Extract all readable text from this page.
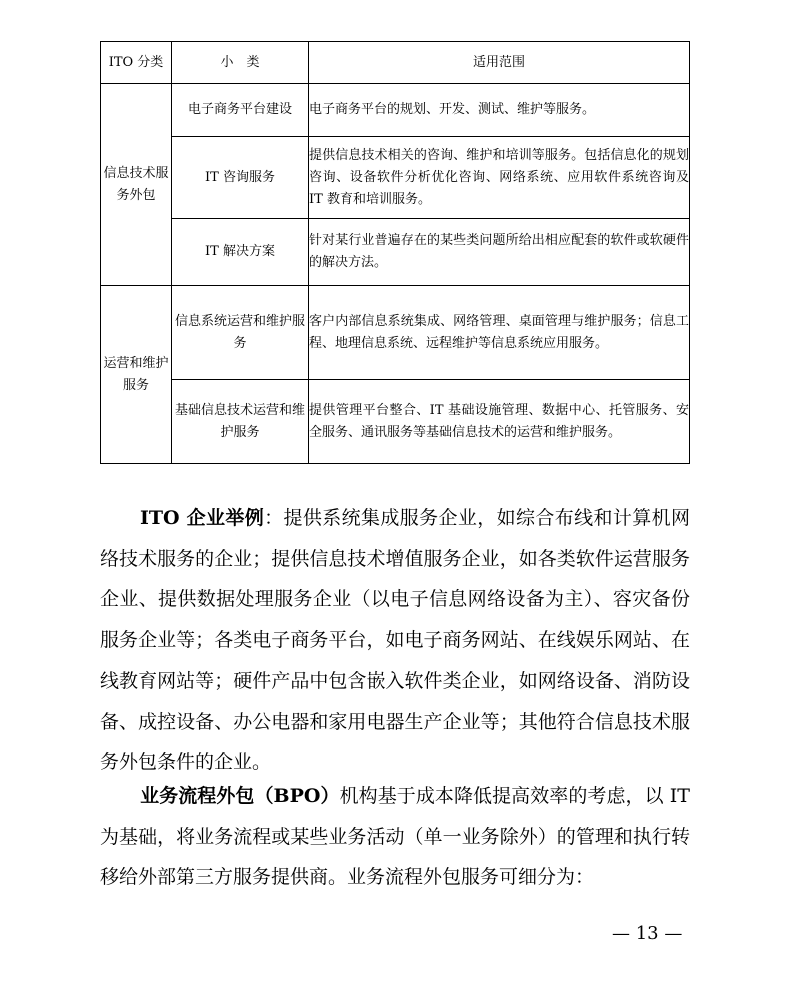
ITO 分类	小　类	适用范围
信息技术服务外包	电子商务平台建设	电子商务平台的规划、开发、测试、维护等服务。
	IT 咨询服务	提供信息技术相关的咨询、维护和培训等服务。包括信息化的规划咨询、设备软件分析优化咨询、网络系统、应用软件系统咨询及 IT 教育和培训服务。
	IT 解决方案	针对某行业普遍存在的某些类问题所给出相应配套的软件或软硬件的解决方法。
运营和维护服务	信息系统运营和维护服务	客户内部信息系统集成、网络管理、桌面管理与维护服务；信息工程、地理信息系统、远程维护等信息系统应用服务。
	基础信息技术运营和维护服务	提供管理平台整合、IT 基础设施管理、数据中心、托管服务、安全服务、通讯服务等基础信息技术的运营和维护服务。

ITO 企业举例：提供系统集成服务企业，如综合布线和计算机网络技术服务的企业；提供信息技术增值服务企业，如各类软件运营服务企业、提供数据处理服务企业（以电子信息网络设备为主）、容灾备份服务企业等；各类电子商务平台，如电子商务网站、在线娱乐网站、在线教育网站等；硬件产品中包含嵌入软件类企业，如网络设备、消防设备、成控设备、办公电器和家用电器生产企业等；其他符合信息技术服务外包条件的企业。

业务流程外包（BPO）机构基于成本降低提高效率的考虑，以 IT 为基础，将业务流程或某些业务活动（单一业务除外）的管理和执行转移给外部第三方服务提供商。业务流程外包服务可细分为：

— 13 —
